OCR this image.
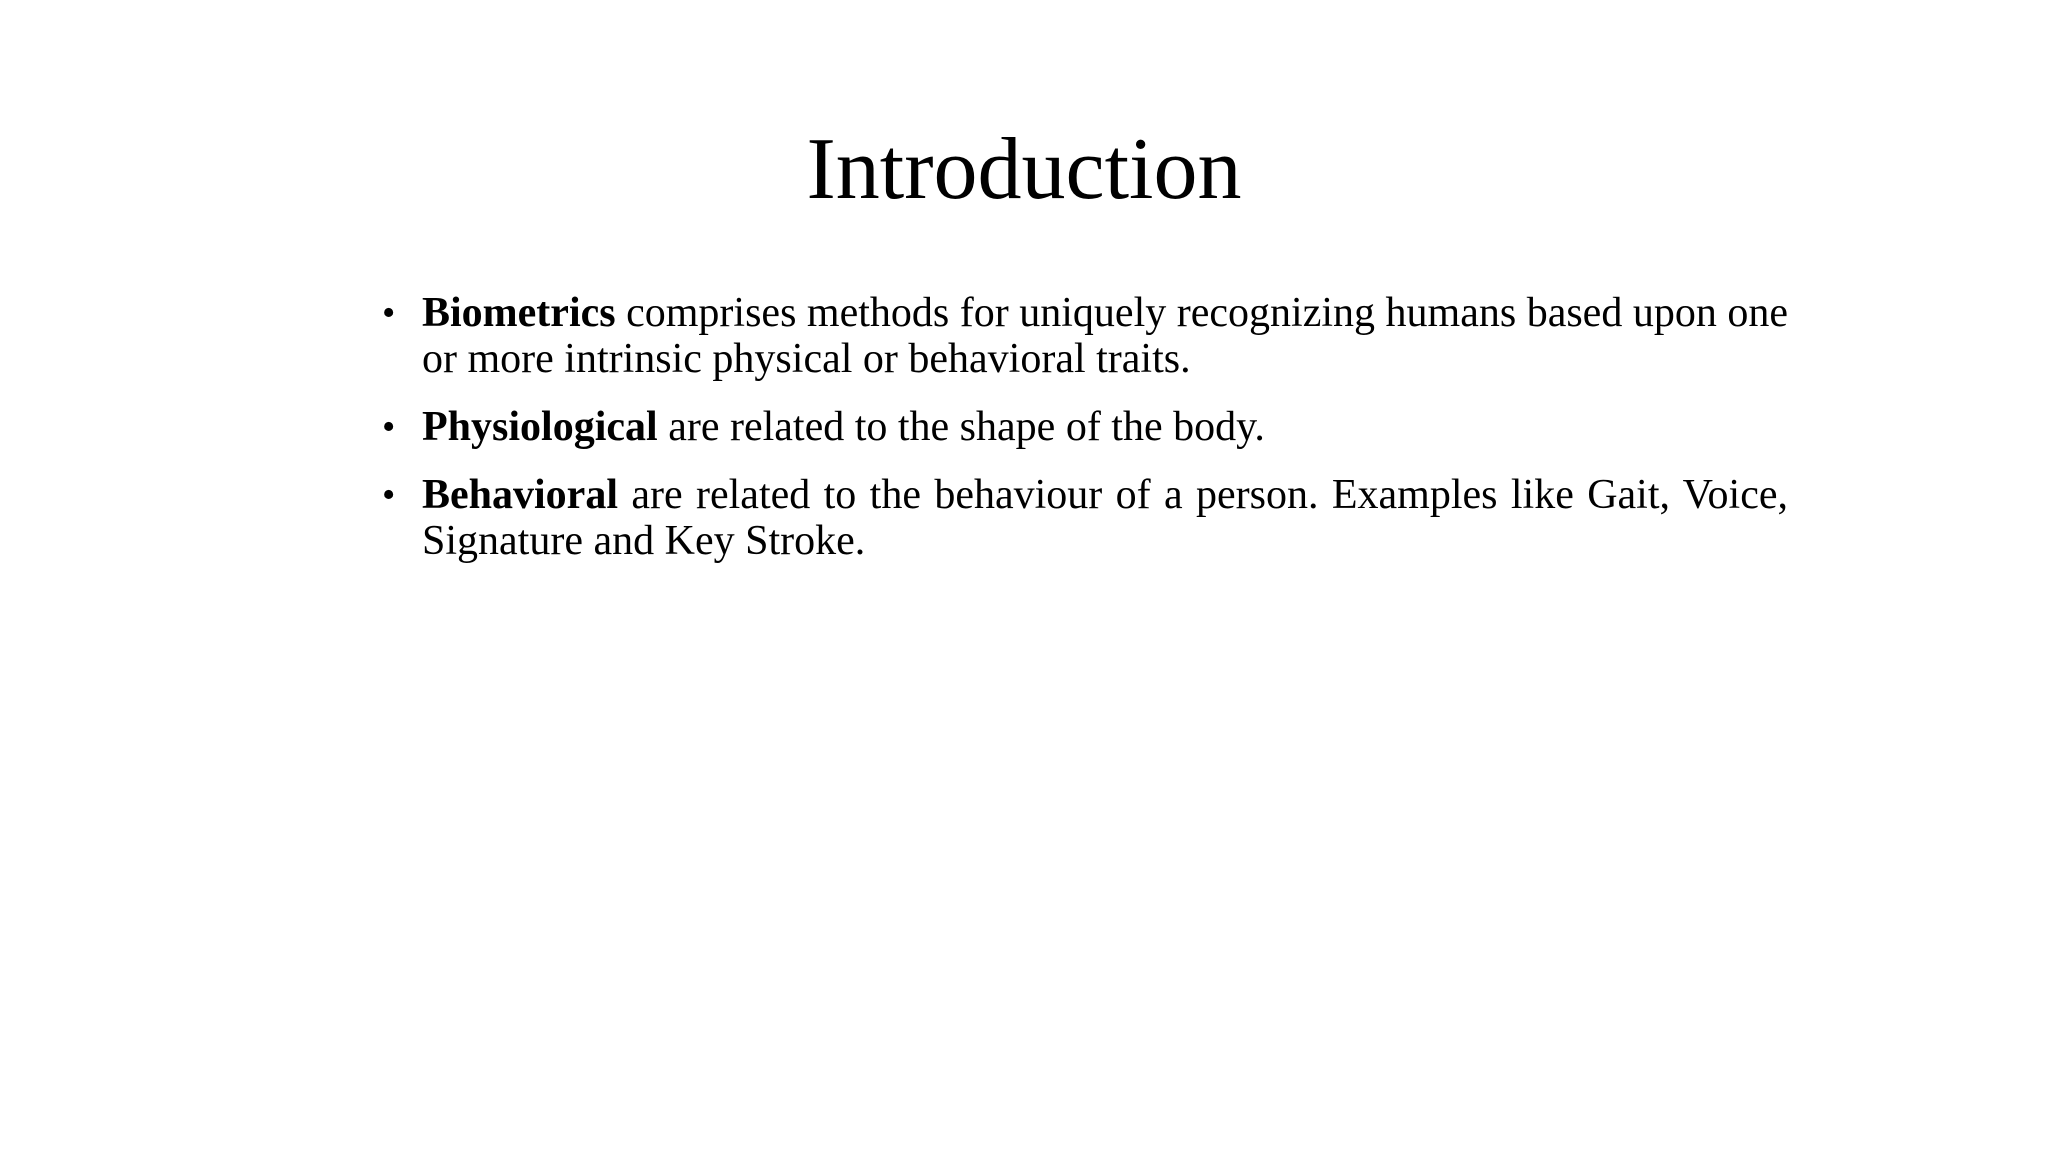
Introduction
• Biometrics comprises methods for uniquely recognizing humans based upon one or more intrinsic physical or behavioral traits.
• Physiological are related to the shape of the body.
• Behavioral are related to the behaviour of a person. Examples like Gait, Voice, Signature and Key Stroke.
